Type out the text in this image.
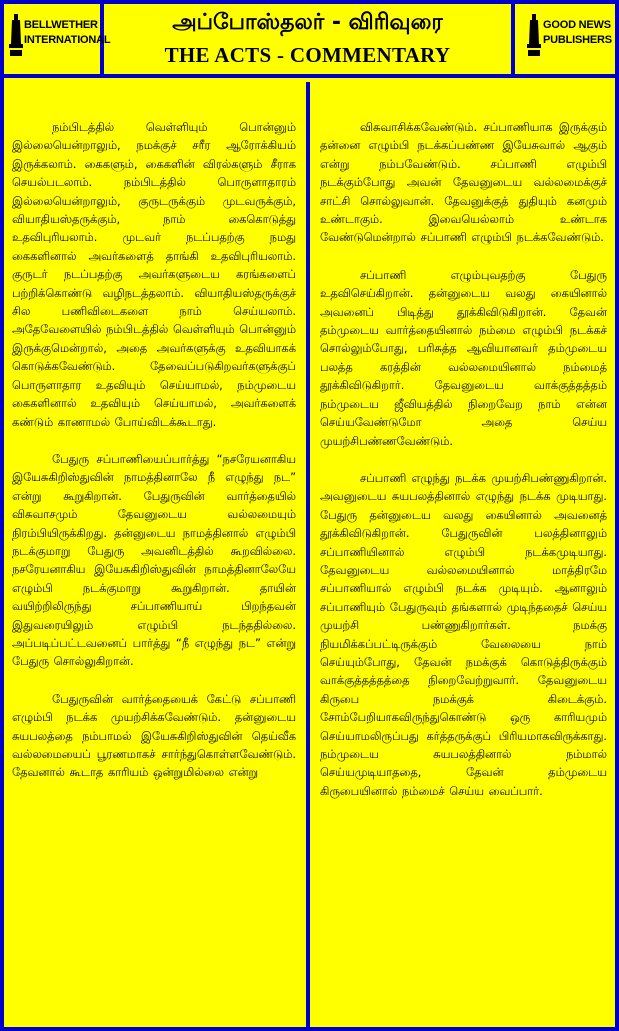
BELLWETHER INTERNATIONAL
அப்போஸ்தலர் - விரிவுரை
THE ACTS - COMMENTARY
GOOD NEWS PUBLISHERS

நம்பிடத்தில் வெள்ளியும் பொன்னும் இல்லையென்றாலும், நமக்குச் சரீர ஆரோக்கியம் இருக்கலாம். கைகளும், கைகளின் விரல்களும் சீராக செயல்படலாம். நம்பிடத்தில் பொருளாதாரம் இல்லையென்றாலும், குருடருக்கும் முடவருக்கும், வியாதியஸ்தருக்கும், நாம் கைகொடுத்து உதவிபுரியலாம். முடவர் நடப்பதற்கு நமது கைகளினால் அவர்களைத் தாங்கி உதவிபுரியலாம். குருடர் நடப்பதற்கு அவர்களுடைய கரங்களைப் பற்றிக்கொண்டு வழிநடத்தலாம். வியாதியஸ்தருக்குச் சில பணிவிடைகளை நாம் செய்யலாம். அதேவேளையில் நம்பிடத்தில் வெள்ளியும் பொன்னும் இருக்குமென்றால், அதை அவர்களுக்கு உதவியாகக் கொடுக்கவேண்டும். தேவைப்படுகிறவர்களுக்குப் பொருளாதார உதவியும் செய்யாமல், நம்முடைய கைகளினால் உதவியும் செய்யாமல், அவர்களைக் கண்டும் காணாமல் போய்விடக்கூடாது.

பேதுரு சப்பாணியைப்பார்த்து “நசரேயனாகிய இயேசுகிறிஸ்துவின் நாமத்தினாலே நீ எழுந்து நட” என்று கூறுகிறான். பேதுருவின் வார்த்தையில் விசுவாசமும் தேவனுடைய வல்லமையும் நிரம்பியிருக்கிறது. தன்னுடைய நாமத்தினால் எழும்பி நடக்குமாறு பேதுரு அவனிடத்தில் கூறவில்லை. நசரேயனாகிய இயேசுகிறிஸ்துவின் நாமத்தினாலேயே எழும்பி நடக்குமாறு கூறுகிறான். தாயின் வயிற்றிலிருந்து சப்பாணியாய் பிறந்தவன் இதுவரையிலும் எழும்பி நடந்ததில்லை. அப்படிப்பட்டவனைப் பார்த்து “நீ எழுந்து நட” என்று பேதுரு சொல்லுகிறான்.

பேதுருவின் வார்த்தையைக் கேட்டு சப்பாணி எழும்பி நடக்க முயற்சிக்கவேண்டும். தன்னுடைய சுயபலத்தை நம்பாமல் இயேசுகிறிஸ்துவின் தெய்வீக வல்லமையைப் பூரணமாகச் சார்ந்துகொள்ளவேண்டும். தேவனால் கூடாத காரியம் ஒன்றுமில்லை என்று

விசுவாசிக்கவேண்டும். சப்பாணியாக இருக்கும் தன்னை எழும்பி நடக்கப்பண்ண இயேசுவால் ஆகும் என்று நம்பவேண்டும். சப்பாணி எழும்பி நடக்கும்போது அவன் தேவனுடைய வல்லமைக்குச் சாட்சி சொல்லுவான். தேவனுக்குத் துதியும் கனமும் உண்டாகும். இவையெல்லாம் உண்டாக வேண்டுமென்றால் சப்பாணி எழும்பி நடக்கவேண்டும்.

சப்பாணி எழும்புவதற்கு பேதுரு உதவிசெய்கிறான். தன்னுடைய வலது கையினால் அவனைப் பிடித்து தூக்கிவிடுகிறான். தேவன் தம்முடைய வார்த்தையினால் நம்மை எழும்பி நடக்கச் சொல்லும்போது, பரிசுத்த ஆவியானவர் தம்முடைய பலத்த கரத்தின் வல்லமையினால் நம்மைத் தூக்கிவிடுகிறார். தேவனுடைய வாக்குத்தத்தம் நம்முடைய ஜீவியத்தில் நிறைவேற நாம் என்ன செய்யவேண்டுமோ அதை செய்ய முயற்சிபண்ணவேண்டும்.

சப்பாணி எழுந்து நடக்க முயற்சிபண்ணுகிறான். அவனுடைய சுயபலத்தினால் எழுந்து நடக்க முடியாது. பேதுரு தன்னுடைய வலது கையினால் அவனைத் தூக்கிவிடுகிறான். பேதுருவின் பலத்தினாலும் சப்பாணியினால் எழும்பி நடக்கமுடியாது. தேவனுடைய வல்லமையினால் மாத்திரமே சப்பாணியால் எழும்பி நடக்க முடியும். ஆனாலும் சப்பாணியும் பேதுருவும் தங்களால் முடிந்ததைச் செய்ய முயற்சி பண்ணுகிறார்கள். நமக்கு நியமிக்கப்பட்டிருக்கும் வேலையை நாம் செய்யும்போது, தேவன் நமக்குக் கொடுத்திருக்கும் வாக்குத்தத்தத்தை நிறைவேற்றுவார். தேவனுடைய கிருபை நமக்குக் கிடைக்கும். சோம்பேறியாகவிருந்துகொண்டு ஒரு காரியமும் செய்யாமலிருப்பது கர்த்தருக்குப் பிரியமாகவிருக்காது. நம்முடைய சுயபலத்தினால் நம்மால் செய்யமுடியாததை, தேவன் தம்முடைய கிருபையினால் நம்மைச் செய்ய வைப்பார்.
